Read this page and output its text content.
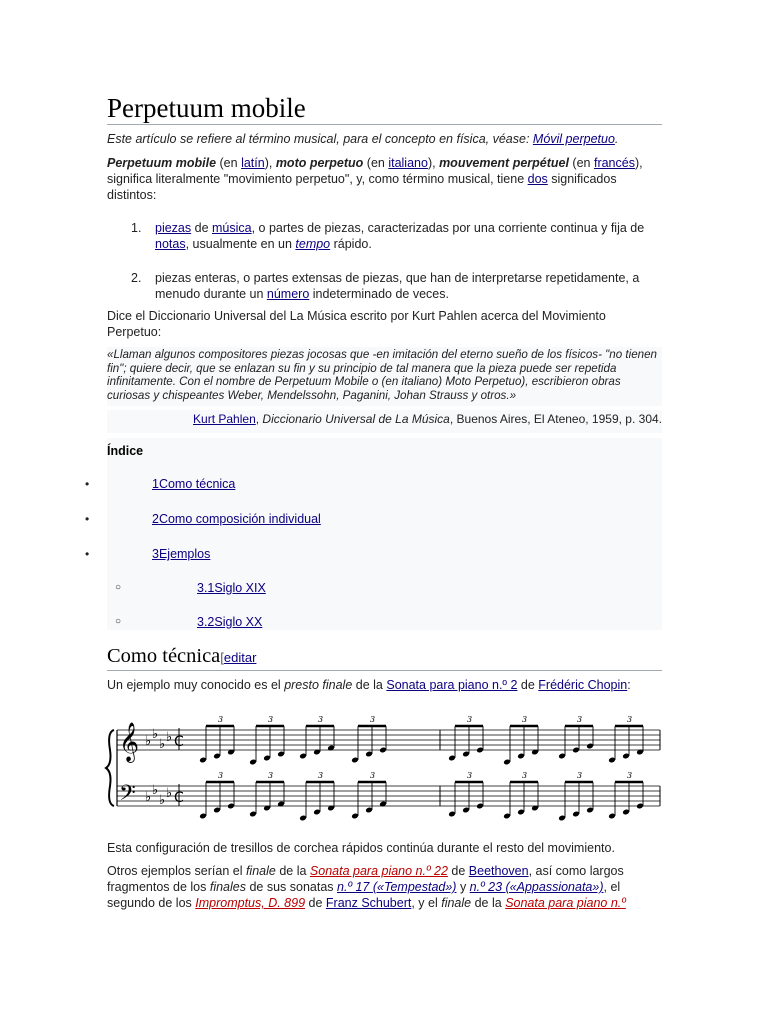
Perpetuum mobile
Este artículo se refiere al término musical, para el concepto en física, véase: Móvil perpetuo.
Perpetuum mobile (en latín), moto perpetuo (en italiano), mouvement perpétuel (en francés), significa literalmente "movimiento perpetuo", y, como término musical, tiene dos significados distintos:
1. piezas de música, o partes de piezas, caracterizadas por una corriente continua y fija de notas, usualmente en un tempo rápido.
2. piezas enteras, o partes extensas de piezas, que han de interpretarse repetidamente, a menudo durante un número indeterminado de veces.
Dice el Diccionario Universal del La Música escrito por Kurt Pahlen acerca del Movimiento Perpetuo:
«Llaman algunos compositores piezas jocosas que -en imitación del eterno sueño de los físicos- "no tienen fin"; quiere decir, que se enlazan su fin y su principio de tal manera que la pieza puede ser repetida infinitamente. Con el nombre de Perpetuum Mobile o (en italiano) Moto Perpetuo), escribieron obras curiosas y chispeantes Weber, Mendelssohn, Paganini, Johan Strauss y otros.»
Kurt Pahlen, Diccionario Universal de La Música, Buenos Aires, El Ateneo, 1959, p. 304.
Índice
•	1Como técnica
•	2Como composición individual
•	3Ejemplos
○	3.1Siglo XIX
○	3.2Siglo XX
Como técnica[editar
Un ejemplo muy conocido es el presto finale de la Sonata para piano n.º 2 de Frédéric Chopin:
𝄞
𝄢
♭ ♭
♭ ♭
♭ ♭
♭ ♭
C
C
3
3
3
3
3
3
3
3
3
3
3
3
3
3
3
3
Esta configuración de tresillos de corchea rápidos continúa durante el resto del movimiento.
Otros ejemplos serían el finale de la Sonata para piano n.º 22 de Beethoven, así como largos fragmentos de los finales de sus sonatas n.º 17 («Tempestad») y n.º 23 («Appassionata»), el segundo de los Impromptus, D. 899 de Franz Schubert, y el finale de la Sonata para piano n.º
